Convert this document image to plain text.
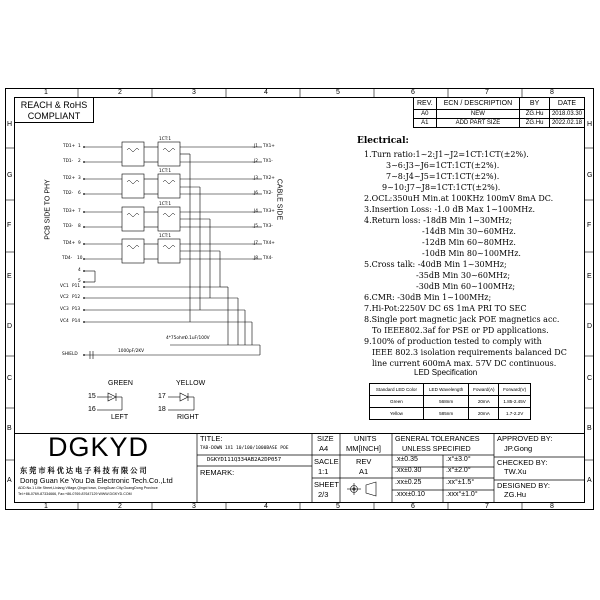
1	2	3	4	5	6	7	8
1	2	3	4	5	6	7	8
H
G
F
E
D
C
B
A
H
G
F
E
D
C
B
A
REACH & RoHS
COMPLIANT
REV.	ECN / DESCRIPTION	BY	DATE
A0	NEW	ZG.Hu	2018.03.30
A1	ADD PART SIZE	ZG.Hu	2022.02.18
PCB SIDE TO PHY	CABLE SIDE
TD1+ 1
TD1- 2
TD2+ 3
TD2- 6
TD3+ 7
TD3- 8
TD4+ 9
TD4- 10
4
5
VC1 P11
VC2 P12
VC3 P13
VC4 P14
1CT:1
1CT:1
1CT:1
1CT:1
J1 TX1+
J2 TX1-
J3 TX2+
J6 TX2-
J4 TX3+
J5 TX3-
J7 TX4+
J8 TX4-
4*75ohm 0.1uF/100V
1000pF/2KV
SHIELD
GREEN	YELLOW
15
16
17
18
LEFT	RIGHT
Electrical:
1.Turn ratio:1~2:J1~J2=1CT:1CT(±2%).
3~6:J3~J6=1CT:1CT(±2%).
7~8:J4~J5=1CT:1CT(±2%).
9~10:J7~J8=1CT:1CT(±2%).
2.OCL:350uH Min.at 100KHz 100mV 8mA DC.
3.Insertion Loss: -1.0 dB Max 1~100MHz.
4.Return loss: -18dB Min 1~30MHz;
-14dB Min 30~60MHz.
-12dB Min 60~80MHz.
-10dB Min 80~100MHz.
5.Cross talk: -40dB Min 1~30MHz;
-35dB Min 30~60MHz;
-30dB Min 60~100MHz;
6.CMR: -30dB Min 1~100MHz;
7.Hi-Pot:2250V DC 6S 1mA PRI TO SEC
8.Single port magnetic jack POE magnetics acc.
To IEEE802.3af for PSE or PD applications.
9.100% of production tested to comply with
IEEE 802.3 isolation requirements balanced DC
line current 600mA max. 57V DC continuous.
LED Specification
Standard LED Color	LED Wavelength	Foward(A)	Forward(V)
Green	568nm	20mA	1.85-2.45V
Yellow	585nm	20mA	1.7-2.2V
DGKYD
东 莞 市 科 优 达 电 子 科 技 有 限 公 司
Dong Guan Ke You Da Electronic Tech.Co.,Ltd
ADD:No.1 Lilie Street,Lixiang Village,Qingxi town, DongGuan City,GuangDong Province
Tel:+86-0769-87334666, Fax:+86-0769-87647129 WWW.DGKYD.COM
TITLE:
TAB-DOWN 1X1 10/100/1000BASE POE
DGKYD111Q334AB2A2DP057
REMARK:
SIZE
A4
SACLE
1:1
SHEET
2/3
UNITS
MM[INCH]
REV
A1
GENERAL TOLERANCES
UNLESS SPECIFIED
.x±0.35	.x°±3.0°
.xx±0.30	.x°±2.0°
.xx±0.25	.xx°±1.5°
.xxx±0.10	.xxx°±1.0°
APPROVED BY:
JP.Gong
CHECKED BY:
TW.Xu
DESIGNED BY:
ZG.Hu
